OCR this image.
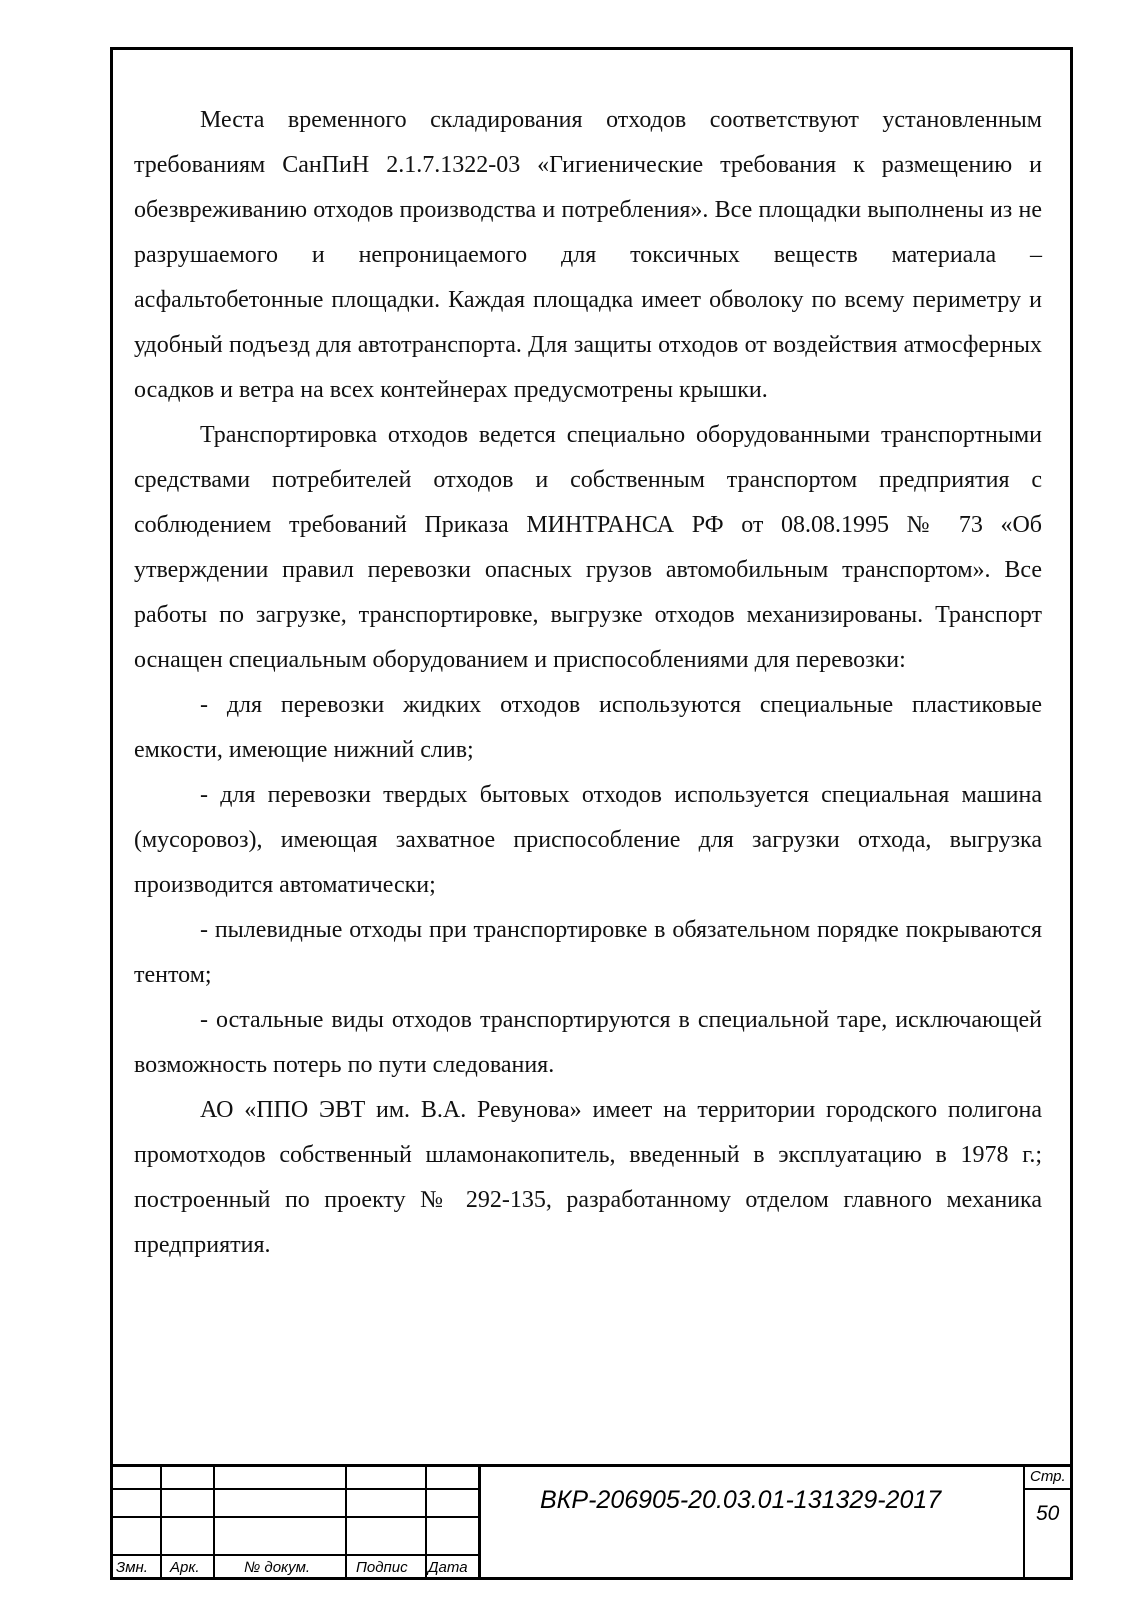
Места временного складирования отходов соответствуют установленным требованиям СанПиН 2.1.7.1322-03 «Гигиенические требования к размещению и обезвреживанию отходов производства и потребления». Все площадки выполнены из не разрушаемого и непроницаемого для токсичных веществ материала – асфальтобетонные площадки. Каждая площадка имеет обволоку по всему периметру и удобный подъезд для автотранспорта. Для защиты отходов от воздействия атмосферных осадков и ветра на всех контейнерах предусмотрены крышки.

Транспортировка отходов ведется специально оборудованными транспортными средствами потребителей отходов и собственным транспортом предприятия с соблюдением требований Приказа МИНТРАНСА РФ от 08.08.1995 № 73 «Об утверждении правил перевозки опасных грузов автомобильным транспортом». Все работы по загрузке, транспортировке, выгрузке отходов механизированы. Транспорт оснащен специальным оборудованием и приспособлениями для перевозки:

- для перевозки жидких отходов используются специальные пластиковые емкости, имеющие нижний слив;

- для перевозки твердых бытовых отходов используется специальная машина (мусоровоз), имеющая захватное приспособление для загрузки отхода, выгрузка производится автоматически;

- пылевидные отходы при транспортировке в обязательном порядке покрываются тентом;

- остальные виды отходов транспортируются в специальной таре, исключающей возможность потерь по пути следования.

АО «ППО ЭВТ им. В.А. Ревунова» имеет на территории городского полигона промотходов собственный шламонакопитель, введенный в эксплуатацию в 1978 г.; построенный по проекту № 292-135, разработанному отделом главного механика предприятия.

Змн. Арк.	№ докум.	Подпис Дата
ВКР-206905-20.03.01-131329-2017
Стр.
50
